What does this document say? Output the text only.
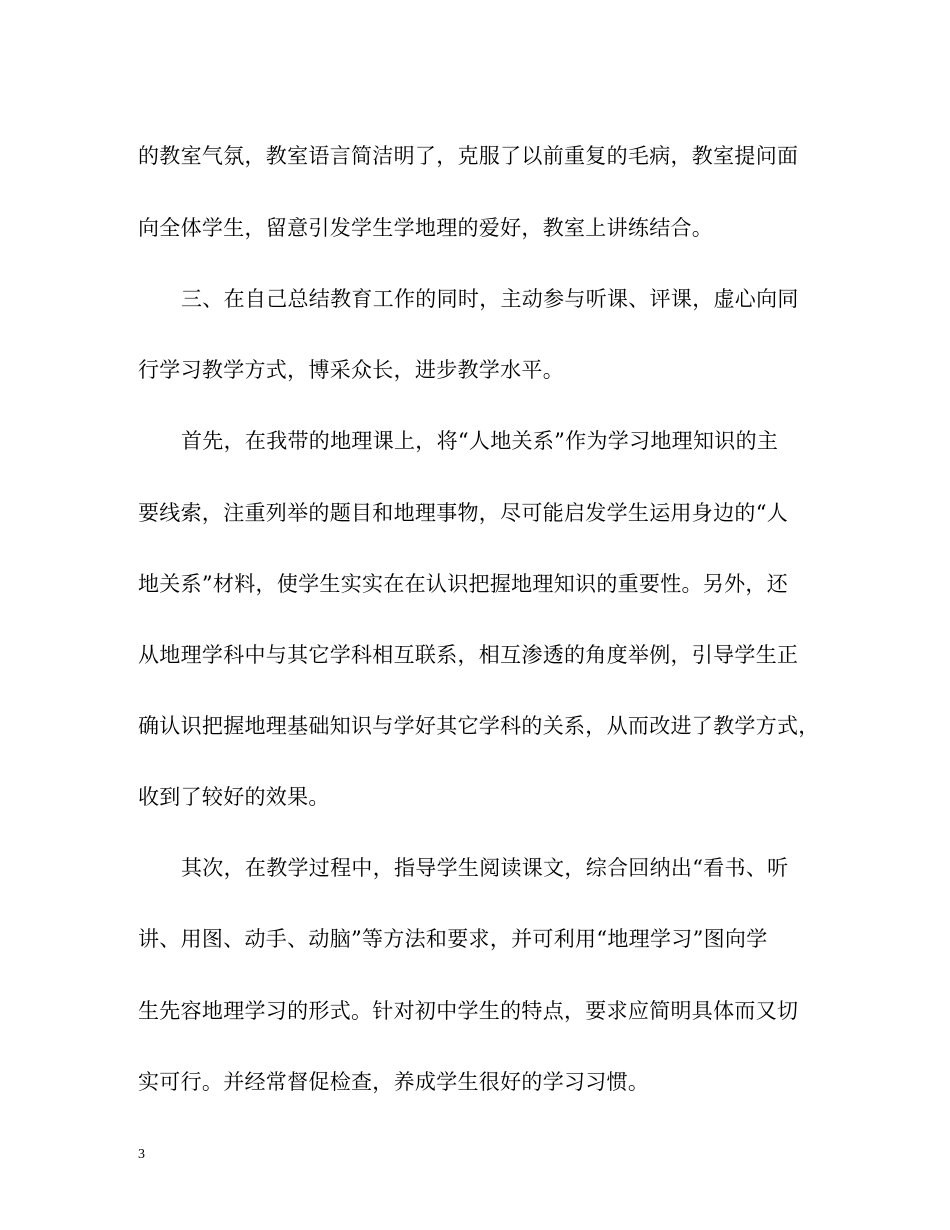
的教室气氛，教室语言简洁明了，克服了以前重复的毛病，教室提问面
向全体学生，留意引发学生学地理的爱好，教室上讲练结合。
三、在自己总结教育工作的同时，主动参与听课、评课，虚心向同
行学习教学方式，博采众长，进步教学水平。
首先，在我带的地理课上，将“人地关系”作为学习地理知识的主
要线索，注重列举的题目和地理事物，尽可能启发学生运用身边的“人
地关系”材料，使学生实实在在认识把握地理知识的重要性。另外，还
从地理学科中与其它学科相互联系，相互渗透的角度举例，引导学生正
确认识把握地理基础知识与学好其它学科的关系，从而改进了教学方式，
收到了较好的效果。
其次，在教学过程中，指导学生阅读课文，综合回纳出“看书、听
讲、用图、动手、动脑”等方法和要求，并可利用“地理学习”图向学
生先容地理学习的形式。针对初中学生的特点，要求应简明具体而又切
实可行。并经常督促检查，养成学生很好的学习习惯。
3
